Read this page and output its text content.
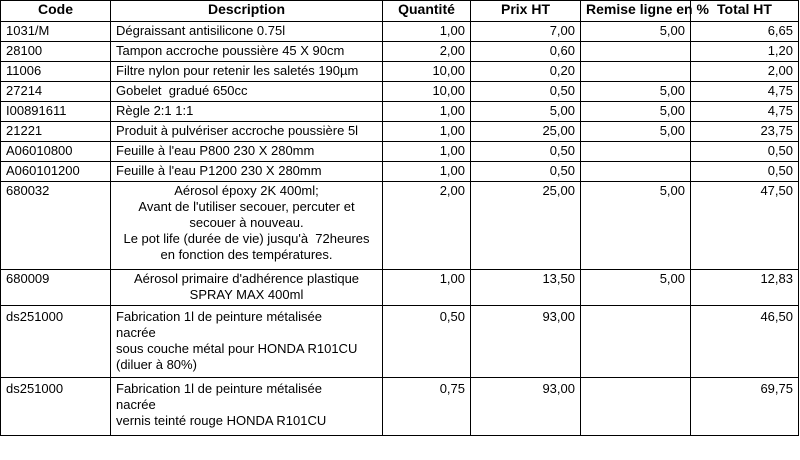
Code	Description	Quantité	Prix HT	Remise ligne en %	Total HT
1031/M	Dégraissant antisilicone 0.75l	1,00	7,00	5,00	6,65
28100	Tampon accroche poussière 45 X 90cm	2,00	0,60		1,20
11006	Filtre nylon pour retenir les saletés 190µm	10,00	0,20		2,00
27214	Gobelet  gradué 650cc	10,00	0,50	5,00	4,75
I00891611	Règle 2:1 1:1	1,00	5,00	5,00	4,75
21221	Produit à pulvériser accroche poussière 5l	1,00	25,00	5,00	23,75
A06010800	Feuille à l'eau P800 230 X 280mm	1,00	0,50		0,50
A060101200	Feuille à l'eau P1200 230 X 280mm	1,00	0,50		0,50
680032	Aérosol époxy 2K 400ml;
Avant de l'utiliser secouer, percuter et
secouer à nouveau.
Le pot life (durée de vie) jusqu'à  72heures
en fonction des températures.	2,00	25,00	5,00	47,50
680009	Aérosol primaire d'adhérence plastique
SPRAY MAX 400ml	1,00	13,50	5,00	12,83
ds251000	Fabrication 1l de peinture métalisée
nacrée
sous couche métal pour HONDA R101CU
(diluer à 80%)	0,50	93,00		46,50
ds251000	Fabrication 1l de peinture métalisée
nacrée
vernis teinté rouge HONDA R101CU	0,75	93,00		69,75
